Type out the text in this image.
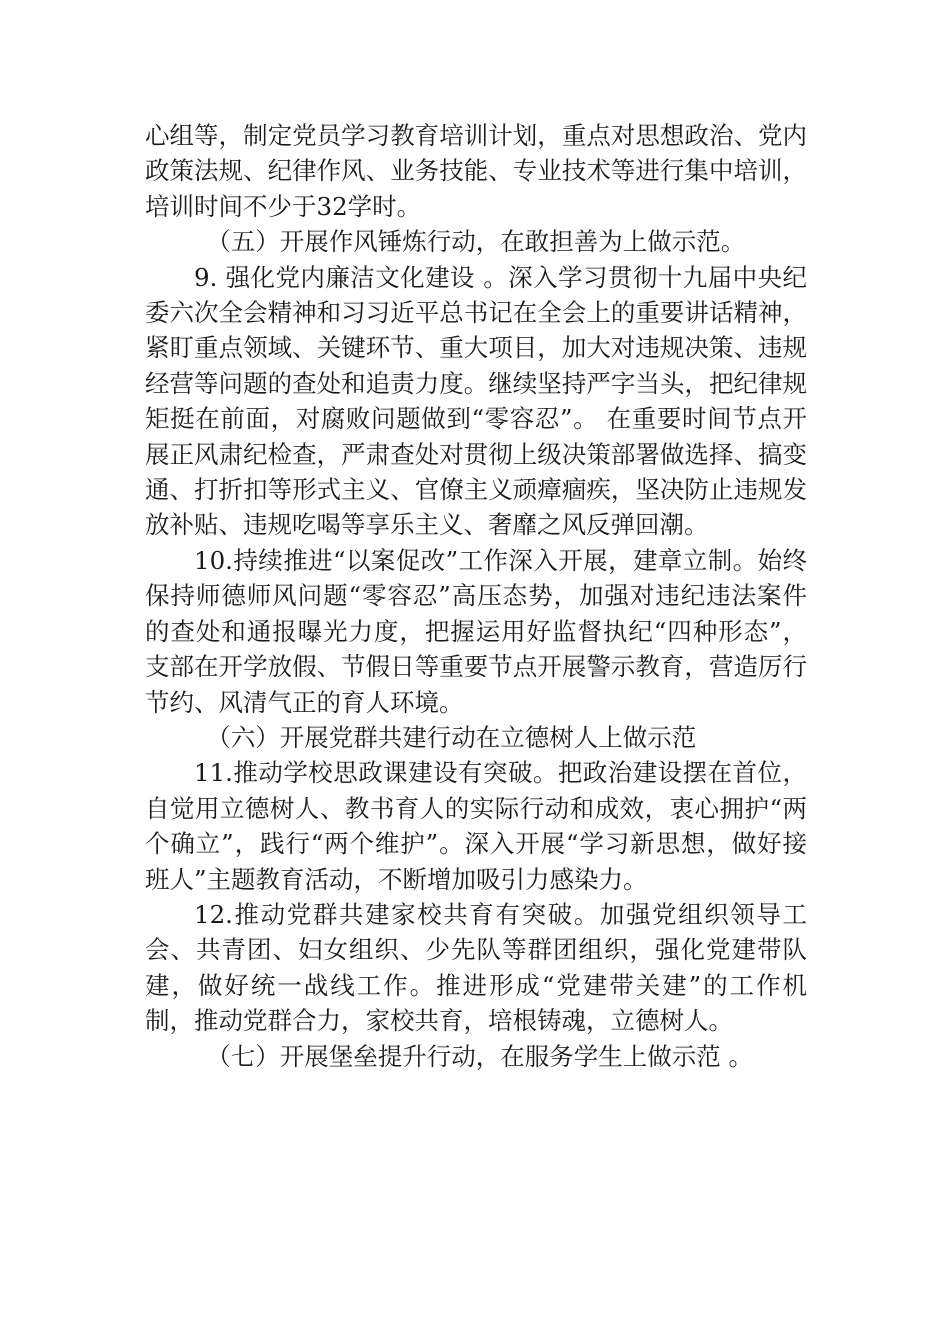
心组等，制定党员学习教育培训计划，重点对思想政治、党内政策法规、纪律作风、业务技能、专业技术等进行集中培训，培训时间不少于32学时。

（五）开展作风锤炼行动，在敢担善为上做示范。

9. 强化党内廉洁文化建设 。深入学习贯彻十九届中央纪委六次全会精神和习习近平总书记在全会上的重要讲话精神，紧盯重点领域、关键环节、重大项目，加大对违规决策、违规经营等问题的查处和追责力度。继续坚持严字当头，把纪律规矩挺在前面，对腐败问题做到“零容忍”。 在重要时间节点开展正风肃纪检查，严肃查处对贯彻上级决策部署做选择、搞变通、打折扣等形式主义、官僚主义顽瘴痼疾，坚决防止违规发放补贴、违规吃喝等享乐主义、奢靡之风反弹回潮。

10.持续推进“以案促改”工作深入开展，建章立制。始终保持师德师风问题“零容忍”高压态势，加强对违纪违法案件的查处和通报曝光力度，把握运用好监督执纪“四种形态”，支部在开学放假、节假日等重要节点开展警示教育，营造厉行节约、风清气正的育人环境。

（六）开展党群共建行动在立德树人上做示范

11.推动学校思政课建设有突破。把政治建设摆在首位，自觉用立德树人、教书育人的实际行动和成效，衷心拥护“两个确立”，践行“两个维护”。深入开展“学习新思想，做好接班人”主题教育活动，不断增加吸引力感染力。

12.推动党群共建家校共育有突破。加强党组织领导工会、共青团、妇女组织、少先队等群团组织，强化党建带队建，做好统一战线工作。推进形成“党建带关建”的工作机制，推动党群合力，家校共育，培根铸魂，立德树人。

（七）开展堡垒提升行动，在服务学生上做示范 。
